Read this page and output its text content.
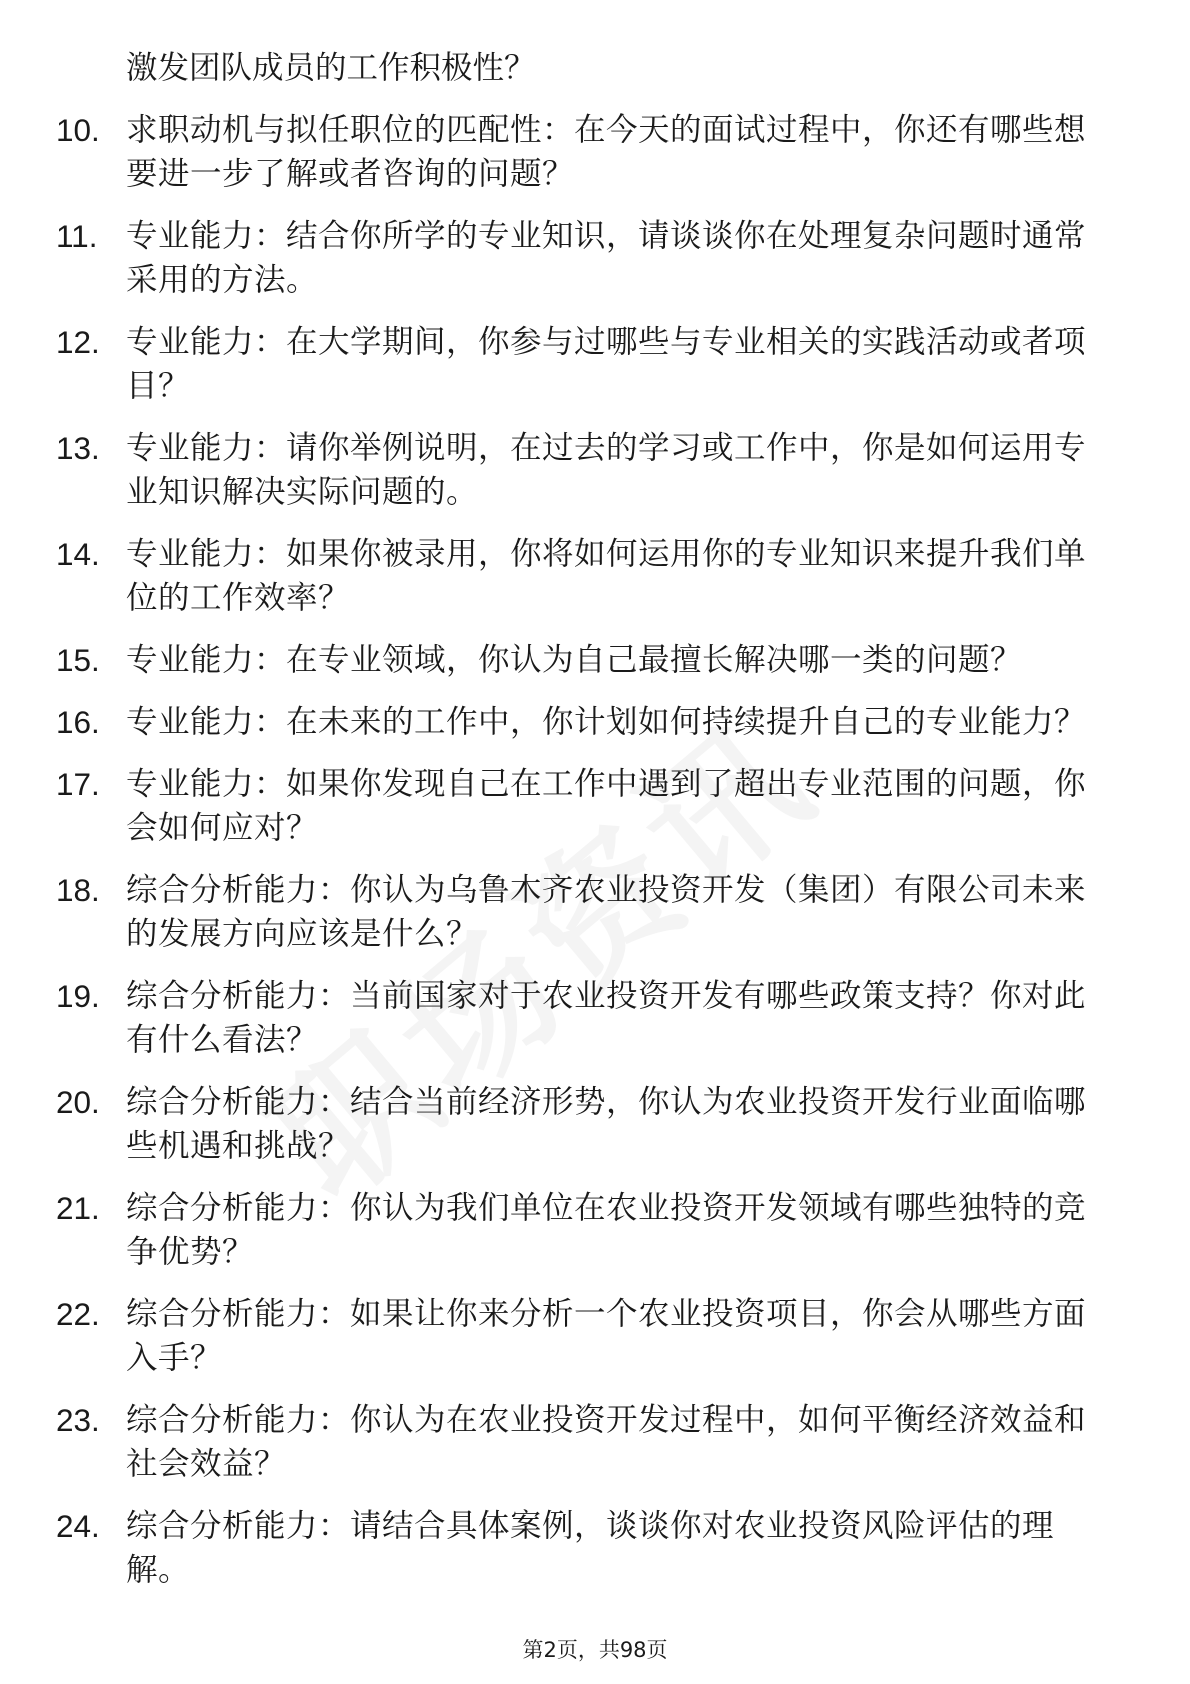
激发团队成员的工作积极性？
10. 求职动机与拟任职位的匹配性：在今天的面试过程中，你还有哪些想要进一步了解或者咨询的问题？
11. 专业能力：结合你所学的专业知识，请谈谈你在处理复杂问题时通常采用的方法。
12. 专业能力：在大学期间，你参与过哪些与专业相关的实践活动或者项目？
13. 专业能力：请你举例说明，在过去的学习或工作中，你是如何运用专业知识解决实际问题的。
14. 专业能力：如果你被录用，你将如何运用你的专业知识来提升我们单位的工作效率？
15. 专业能力：在专业领域，你认为自己最擅长解决哪一类的问题？
16. 专业能力：在未来的工作中，你计划如何持续提升自己的专业能力？
17. 专业能力：如果你发现自己在工作中遇到了超出专业范围的问题，你会如何应对？
18. 综合分析能力：你认为乌鲁木齐农业投资开发（集团）有限公司未来的发展方向应该是什么？
19. 综合分析能力：当前国家对于农业投资开发有哪些政策支持？你对此有什么看法？
20. 综合分析能力：结合当前经济形势，你认为农业投资开发行业面临哪些机遇和挑战？
21. 综合分析能力：你认为我们单位在农业投资开发领域有哪些独特的竞争优势？
22. 综合分析能力：如果让你来分析一个农业投资项目，你会从哪些方面入手？
23. 综合分析能力：你认为在农业投资开发过程中，如何平衡经济效益和社会效益？
24. 综合分析能力：请结合具体案例，谈谈你对农业投资风险评估的理解。
第2页，共98页
